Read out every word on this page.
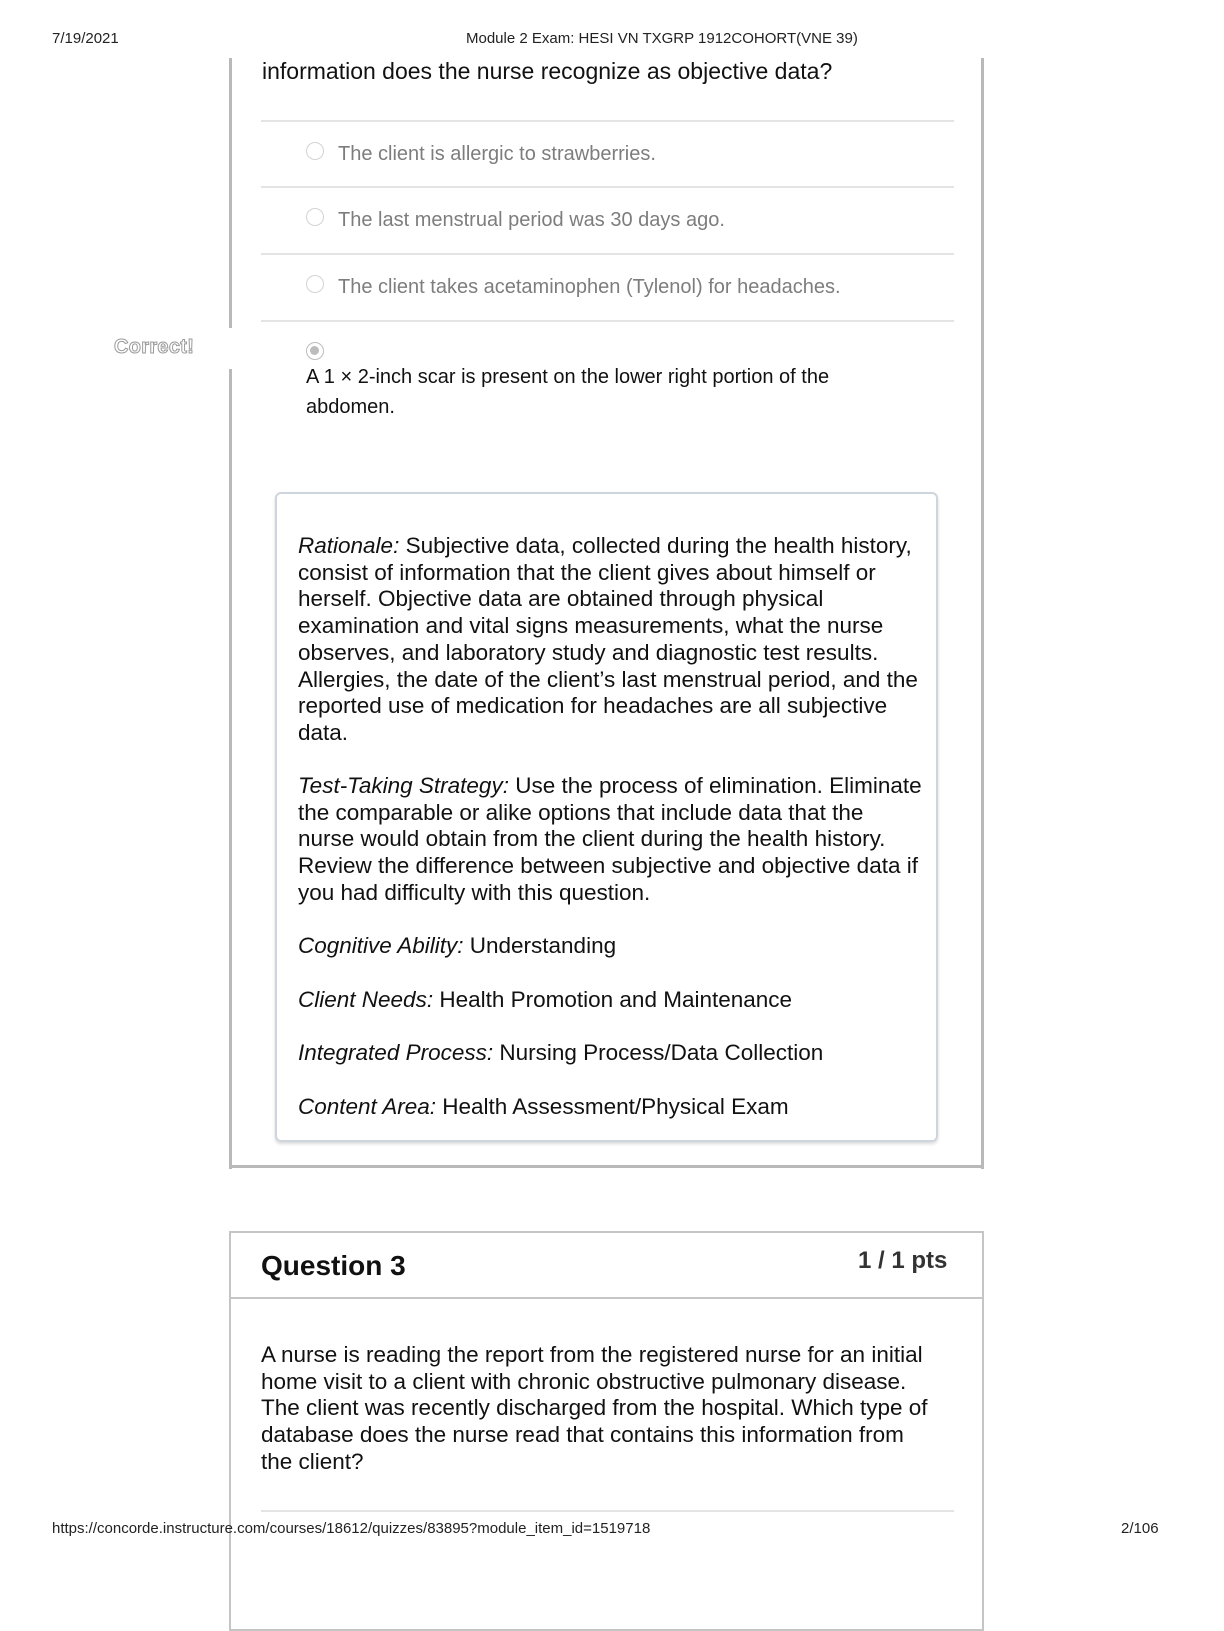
7/19/2021	Module 2 Exam: HESI VN TXGRP 1912COHORT(VNE 39)
information does the nurse recognize as objective data?
The client is allergic to strawberries.
The last menstrual period was 30 days ago.
The client takes acetaminophen (Tylenol) for headaches.
Correct!
A 1 × 2-inch scar is present on the lower right portion of the abdomen.
Rationale: Subjective data, collected during the health history, consist of information that the client gives about himself or herself. Objective data are obtained through physical examination and vital signs measurements, what the nurse observes, and laboratory study and diagnostic test results. Allergies, the date of the client’s last menstrual period, and the reported use of medication for headaches are all subjective data.
Test-Taking Strategy: Use the process of elimination. Eliminate the comparable or alike options that include data that the nurse would obtain from the client during the health history. Review the difference between subjective and objective data if you had difficulty with this question.
Cognitive Ability: Understanding
Client Needs: Health Promotion and Maintenance
Integrated Process: Nursing Process/Data Collection
Content Area: Health Assessment/Physical Exam
Question 3	1 / 1 pts
A nurse is reading the report from the registered nurse for an initial home visit to a client with chronic obstructive pulmonary disease. The client was recently discharged from the hospital. Which type of database does the nurse read that contains this information from the client?
https://concorde.instructure.com/courses/18612/quizzes/83895?module_item_id=1519718	2/106
